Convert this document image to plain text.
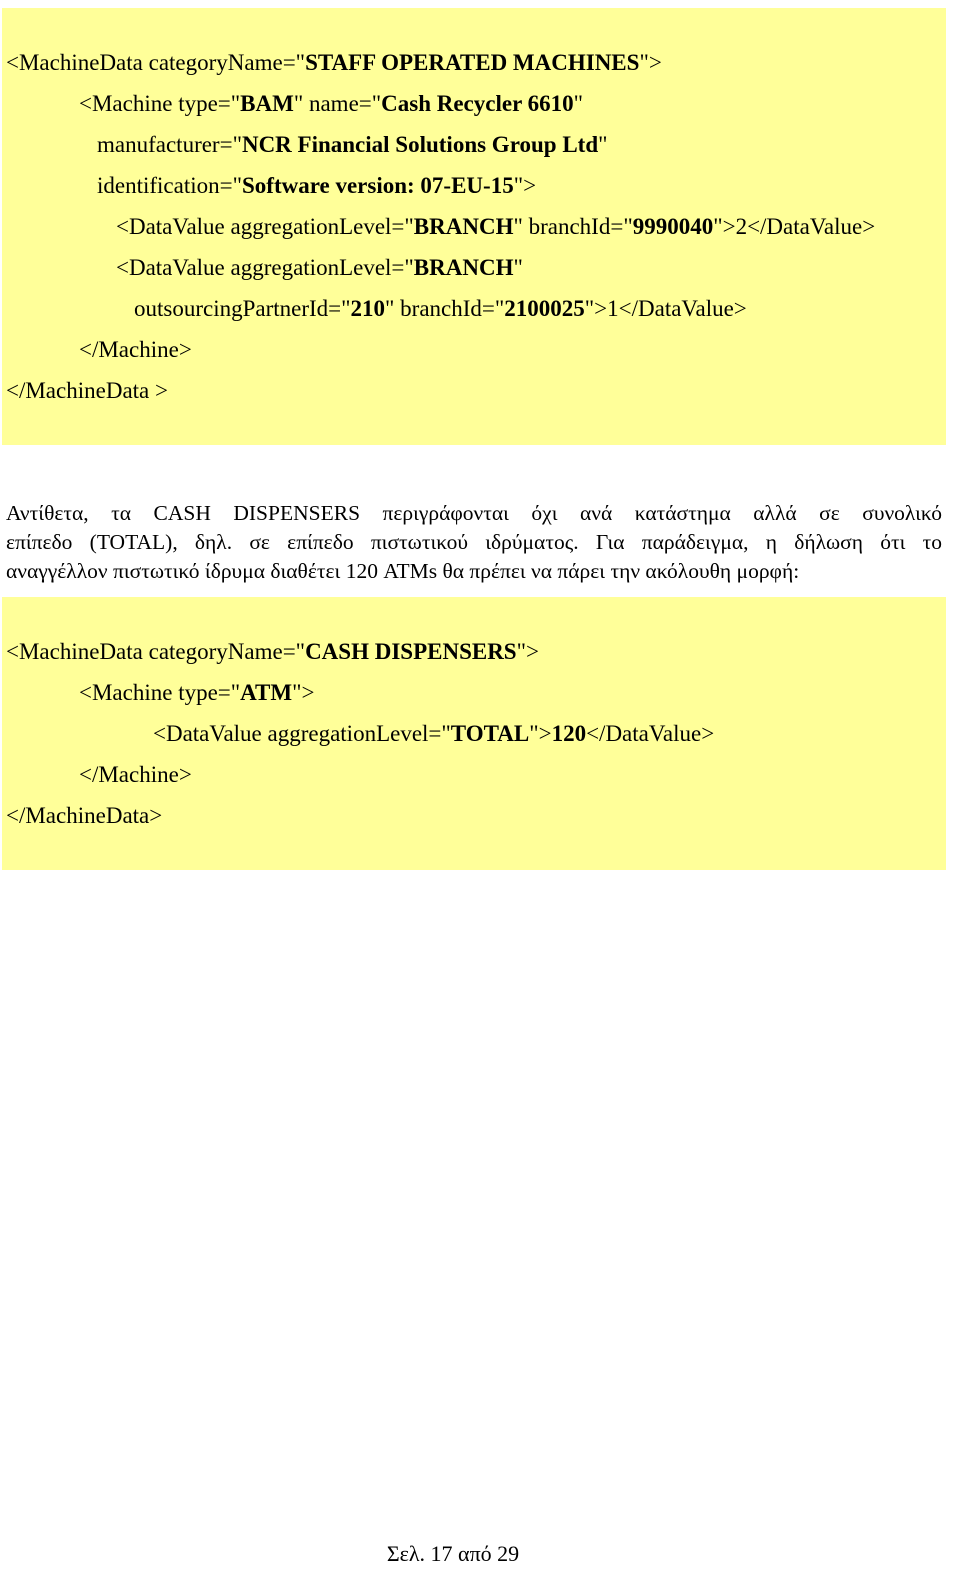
<MachineData categoryName="STAFF OPERATED MACHINES">
<Machine type="BAM" name="Cash Recycler 6610"
manufacturer="NCR Financial Solutions Group Ltd"
identification="Software version: 07-EU-15">
<DataValue aggregationLevel="BRANCH" branchId="9990040">2</DataValue>
<DataValue aggregationLevel="BRANCH"
outsourcingPartnerId="210" branchId="2100025">1</DataValue>
</Machine>
</MachineData >
Αντίθετα, τα CASH DISPENSERS περιγράφονται όχι ανά κατάστημα αλλά σε συνολικό
επίπεδο (TOTAL), δηλ. σε επίπεδο πιστωτικού ιδρύματος. Για παράδειγμα, η δήλωση ότι το
αναγγέλλον πιστωτικό ίδρυμα διαθέτει 120 ATMs θα πρέπει να πάρει την ακόλουθη μορφή:
<MachineData categoryName="CASH DISPENSERS">
<Machine type="ATM">
<DataValue aggregationLevel="TOTAL">120</DataValue>
</Machine>
</MachineData>
Σελ. 17 από 29
